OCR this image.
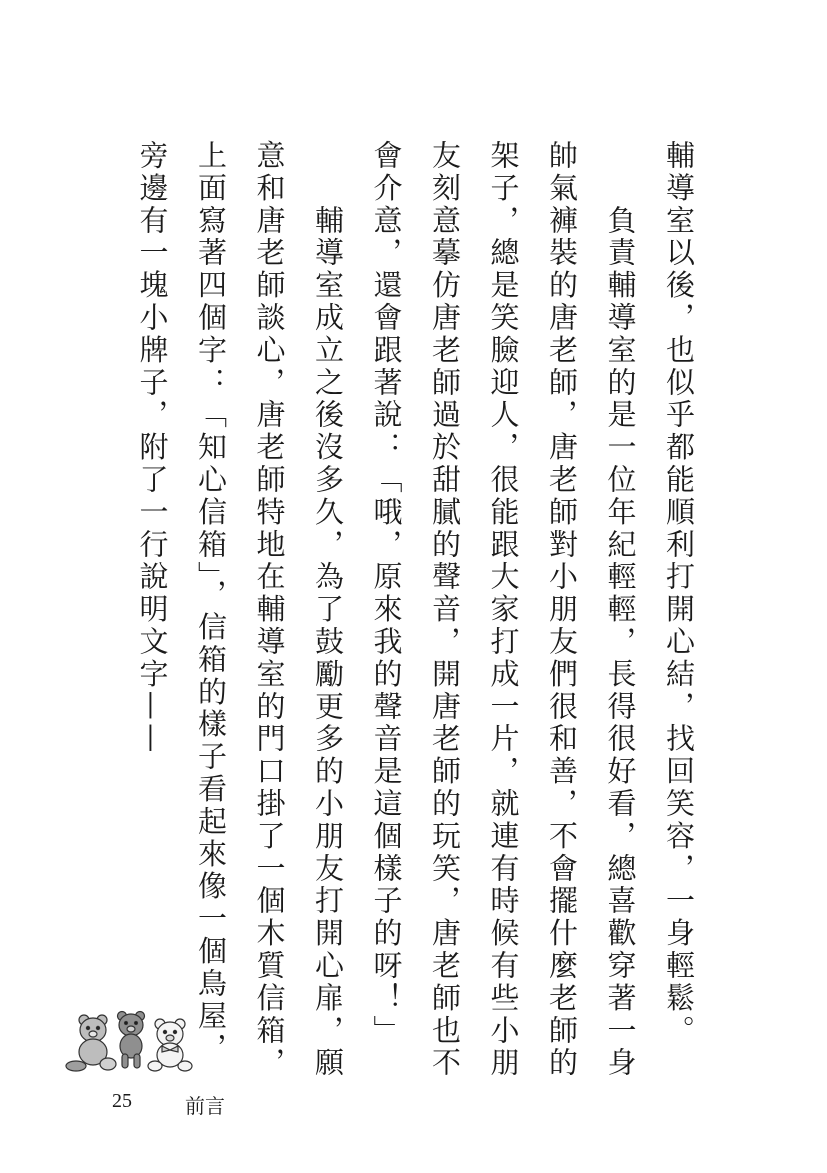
輔導室以後，也似乎都能順利打開心結，找回笑容，一身輕鬆。
　　負責輔導室的是一位年紀輕輕，長得很好看，總喜歡穿著一身
帥氣褲裝的唐老師，唐老師對小朋友們很和善，不會擺什麼老師的
架子，總是笑臉迎人，很能跟大家打成一片，就連有時候有些小朋
友刻意摹仿唐老師過於甜膩的聲音，開唐老師的玩笑，唐老師也不
會介意，還會跟著說：「哦，原來我的聲音是這個樣子的呀！」
　　輔導室成立之後沒多久，為了鼓勵更多的小朋友打開心扉，願
意和唐老師談心，唐老師特地在輔導室的門口掛了一個木質信箱，
上面寫著四個字：「知心信箱」，信箱的樣子看起來像一個鳥屋，
旁邊有一塊小牌子，附了一行說明文字——
25	前言
